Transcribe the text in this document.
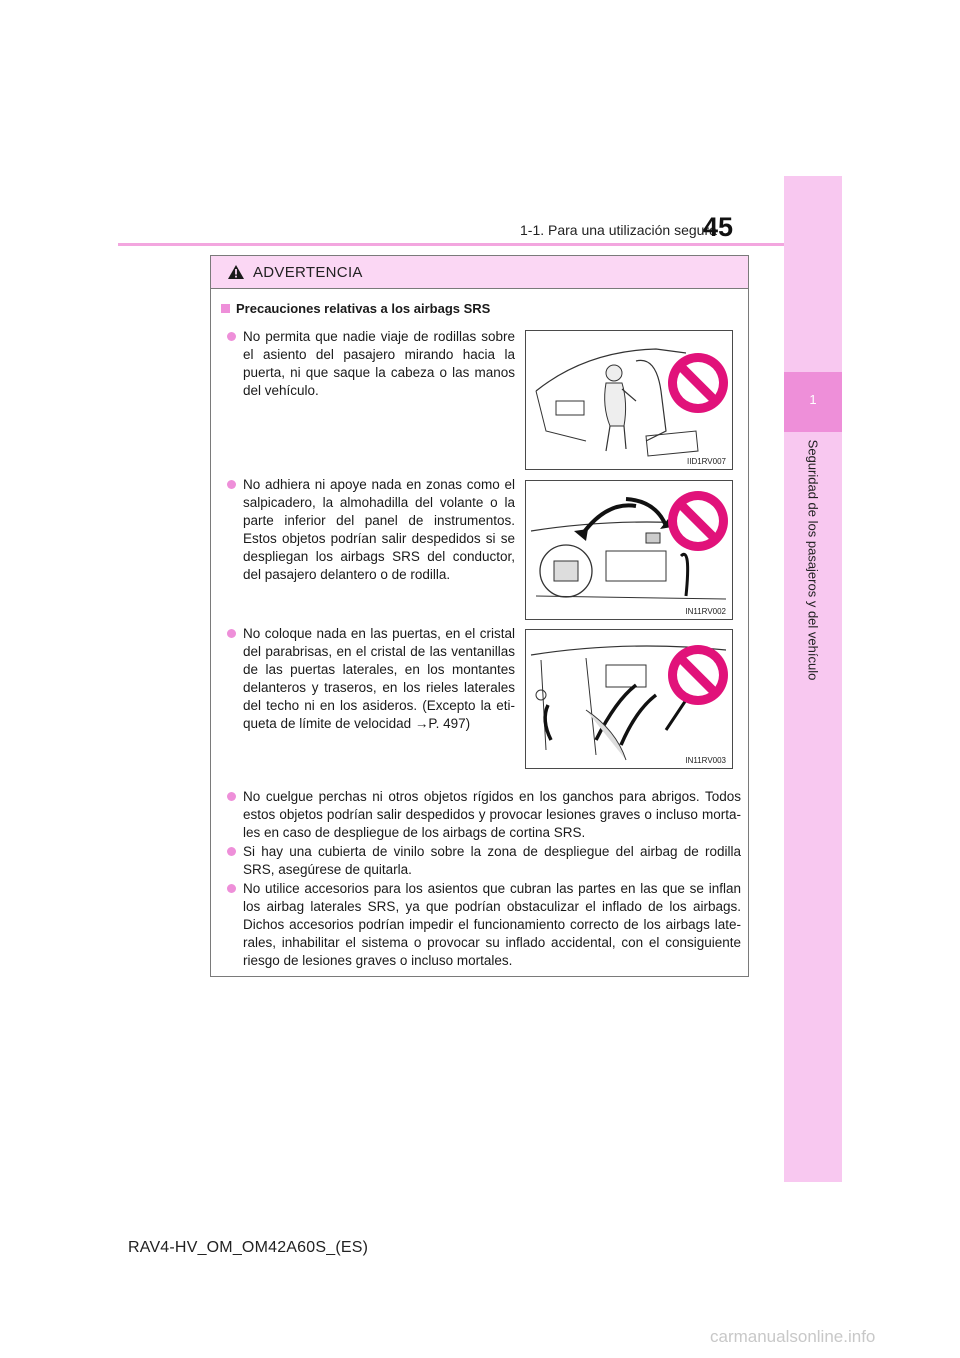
1-1. Para una utilización segura
45
1
Seguridad de los pasajeros y del vehículo
ADVERTENCIA
Precauciones relativas a los airbags SRS
No permita que nadie viaje de rodillas sobre el asiento del pasajero mirando hacia la puerta, ni que saque la cabeza o las manos del vehículo.
IID1RV007
No adhiera ni apoye nada en zonas como el salpicadero, la almohadilla del volante o la parte inferior del panel de instrumentos. Estos objetos podrían salir despedidos si se despliegan los airbags SRS del conductor, del pasajero delantero o de rodilla.
IN11RV002
No coloque nada en las puertas, en el cristal del parabrisas, en el cristal de las ventanillas de las puertas laterales, en los montantes delanteros y traseros, en los rieles laterales del techo ni en los asideros. (Excepto la eti-queta de límite de velocidad →P. 497)
IN11RV003
No cuelgue perchas ni otros objetos rígidos en los ganchos para abrigos. Todos estos objetos podrían salir despedidos y provocar lesiones graves o incluso morta-les en caso de despliegue de los airbags de cortina SRS.
Si hay una cubierta de vinilo sobre la zona de despliegue del airbag de rodilla SRS, asegúrese de quitarla.
No utilice accesorios para los asientos que cubran las partes en las que se inflan los airbag laterales SRS, ya que podrían obstaculizar el inflado de los airbags. Dichos accesorios podrían impedir el funcionamiento correcto de los airbags late-rales, inhabilitar el sistema o provocar su inflado accidental, con el consiguiente riesgo de lesiones graves o incluso mortales.
RAV4-HV_OM_OM42A60S_(ES)
carmanualsonline.info
